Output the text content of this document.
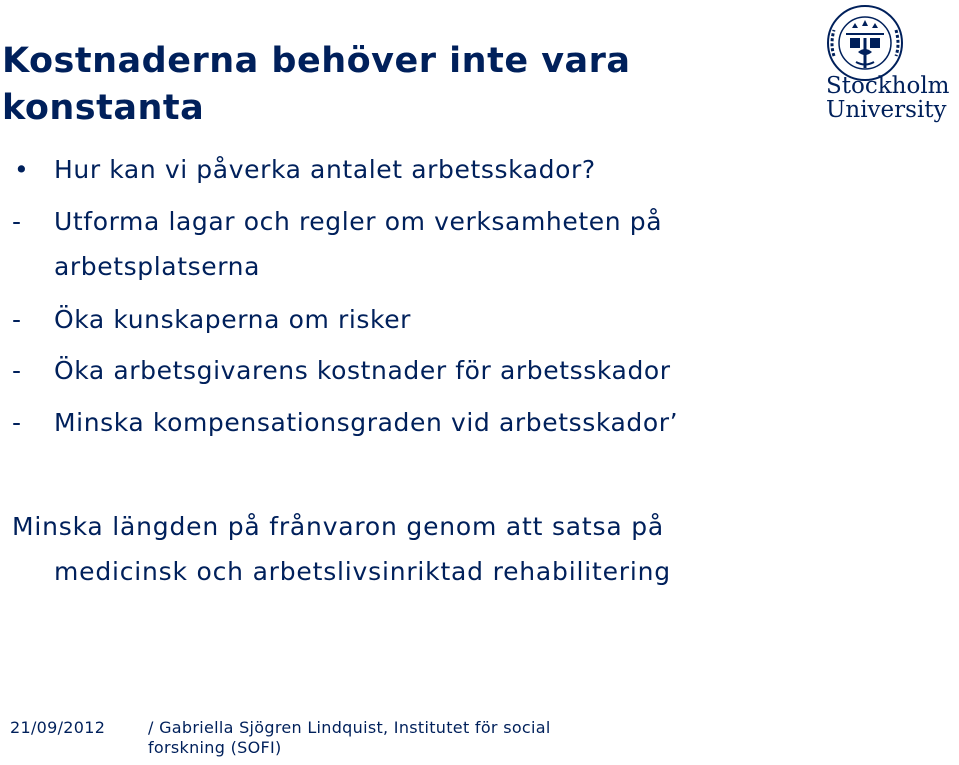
Kostnaderna behöver inte vara
konstanta
Stockholm
University
• Hur kan vi påverka antalet arbetsskador?
- Utforma lagar och regler om verksamheten på
arbetsplatserna
- Öka kunskaperna om risker
- Öka arbetsgivarens kostnader för arbetsskador
- Minska kompensationsgraden vid arbetsskador’
Minska längden på frånvaron genom att satsa på
medicinsk och arbetslivsinriktad rehabilitering
21/09/2012	/ Gabriella Sjögren Lindquist, Institutet för social
forskning (SOFI)
